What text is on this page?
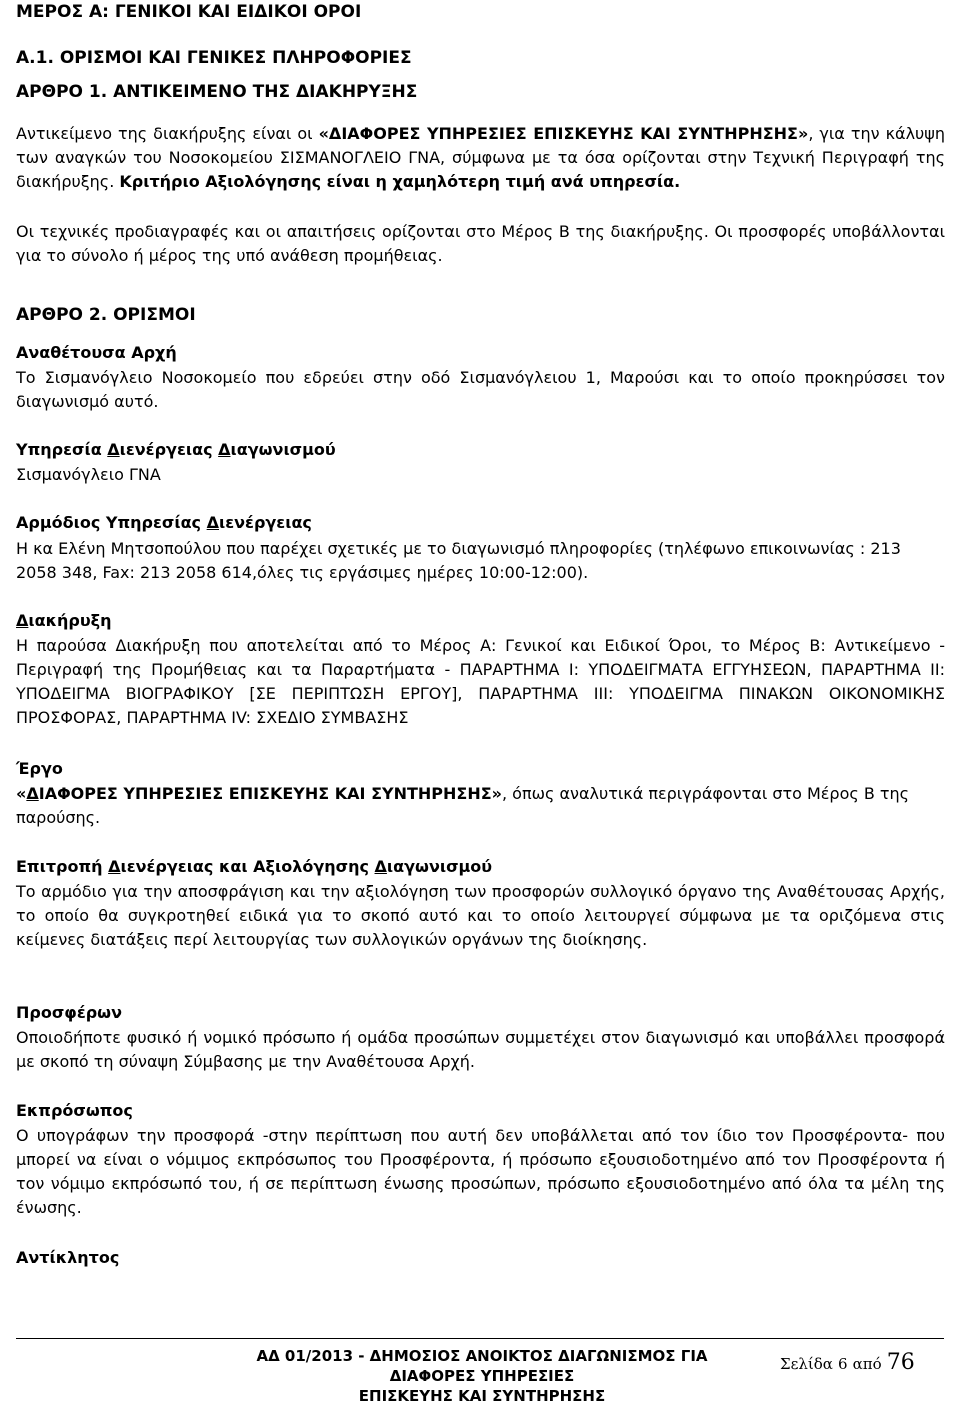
ΜΕΡΟΣ Α: ΓΕΝΙΚΟΙ ΚΑΙ ΕΙΔΙΚΟΙ ΟΡΟΙ
Α.1. ΟΡΙΣΜΟΙ ΚΑΙ ΓΕΝΙΚΕΣ ΠΛΗΡΟΦΟΡΙΕΣ
ΑΡΘΡΟ 1. ΑΝΤΙΚΕΙΜΕΝΟ ΤΗΣ ΔΙΑΚΗΡΥΞΗΣ
Αντικείμενο της διακήρυξης είναι οι «ΔΙΑΦΟΡΕΣ ΥΠΗΡΕΣΙΕΣ ΕΠΙΣΚΕΥΗΣ ΚΑΙ ΣΥΝΤΗΡΗΣΗΣ», για την κάλυψη των αναγκών του Νοσοκομείου ΣΙΣΜΑΝΟΓΛΕΙΟ ΓΝΑ, σύμφωνα με τα όσα ορίζονται στην Τεχνική Περιγραφή της διακήρυξης. Κριτήριο Αξιολόγησης είναι η χαμηλότερη τιμή ανά υπηρεσία.
Οι τεχνικές προδιαγραφές και οι απαιτήσεις ορίζονται στο Μέρος Β της διακήρυξης. Οι προσφορές υποβάλλονται για το σύνολο ή μέρος της υπό ανάθεση προμήθειας.
ΑΡΘΡΟ 2. ΟΡΙΣΜΟΙ
Αναθέτουσα Αρχή
Το Σισμανόγλειο Νοσοκομείο που εδρεύει στην οδό Σισμανόγλειου 1, Μαρούσι και το οποίο προκηρύσσει τον διαγωνισμό αυτό.
Υπηρεσία Διενέργειας Διαγωνισμού
Σισμανόγλειο ΓΝΑ
Αρμόδιος Υπηρεσίας Διενέργειας
Η κα Ελένη Μητσοπούλου που παρέχει σχετικές με το διαγωνισμό πληροφορίες (τηλέφωνο επικοινωνίας : 213 2058 348, Fax: 213 2058 614,όλες τις εργάσιμες ημέρες 10:00-12:00).
Διακήρυξη
Η παρούσα Διακήρυξη που αποτελείται από το Μέρος Α: Γενικοί και Ειδικοί Όροι, το Μέρος Β: Αντικείμενο - Περιγραφή της Προμήθειας και τα Παραρτήματα - ΠΑΡΑΡΤΗΜΑ Ι: ΥΠΟΔΕΙΓΜΑΤΑ ΕΓΓΥΗΣΕΩΝ, ΠΑΡΑΡΤΗΜΑ ΙΙ: ΥΠΟΔΕΙΓΜΑ ΒΙΟΓΡΑΦΙΚΟΥ [ΣΕ ΠΕΡΙΠΤΩΣΗ ΕΡΓΟΥ], ΠΑΡΑΡΤΗΜΑ ΙΙΙ: ΥΠΟΔΕΙΓΜΑ ΠΙΝΑΚΩΝ ΟΙΚΟΝΟΜΙΚΗΣ ΠΡΟΣΦΟΡΑΣ, ΠΑΡΑΡΤΗΜΑ IV: ΣΧΕΔΙΟ ΣΥΜΒΑΣΗΣ
Έργο
«ΔΙΑΦΟΡΕΣ ΥΠΗΡΕΣΙΕΣ ΕΠΙΣΚΕΥΗΣ ΚΑΙ ΣΥΝΤΗΡΗΣΗΣ», όπως αναλυτικά περιγράφονται στο Μέρος Β της παρούσης.
Επιτροπή Διενέργειας και Αξιολόγησης Διαγωνισμού
Το αρμόδιο για την αποσφράγιση και την αξιολόγηση των προσφορών συλλογικό όργανο της Αναθέτουσας Αρχής, το οποίο θα συγκροτηθεί ειδικά για το σκοπό αυτό και το οποίο λειτουργεί σύμφωνα με τα οριζόμενα στις κείμενες διατάξεις περί λειτουργίας των συλλογικών οργάνων της διοίκησης.
Προσφέρων
Οποιοδήποτε φυσικό ή νομικό πρόσωπο ή ομάδα προσώπων συμμετέχει στον διαγωνισμό και υποβάλλει προσφορά με σκοπό τη σύναψη Σύμβασης με την Αναθέτουσα Αρχή.
Εκπρόσωπος
Ο υπογράφων την προσφορά -στην περίπτωση που αυτή δεν υποβάλλεται από τον ίδιο τον Προσφέροντα- που μπορεί να είναι ο νόμιμος εκπρόσωπος του Προσφέροντα, ή πρόσωπο εξουσιοδοτημένο από τον Προσφέροντα ή τον νόμιμο εκπρόσωπό του, ή σε περίπτωση ένωσης προσώπων, πρόσωπο εξουσιοδοτημένο από όλα τα μέλη της ένωσης.
Αντίκλητος
ΑΔ 01/2013 - ΔΗΜΟΣΙΟΣ ΑΝΟΙΚΤΟΣ ΔΙΑΓΩΝΙΣΜΟΣ ΓΙΑ ΔΙΑΦΟΡΕΣ ΥΠΗΡΕΣΙΕΣ
ΕΠΙΣΚΕΥΗΣ ΚΑΙ ΣΥΝΤΗΡΗΣΗΣ
Σελίδα 6 από 76
